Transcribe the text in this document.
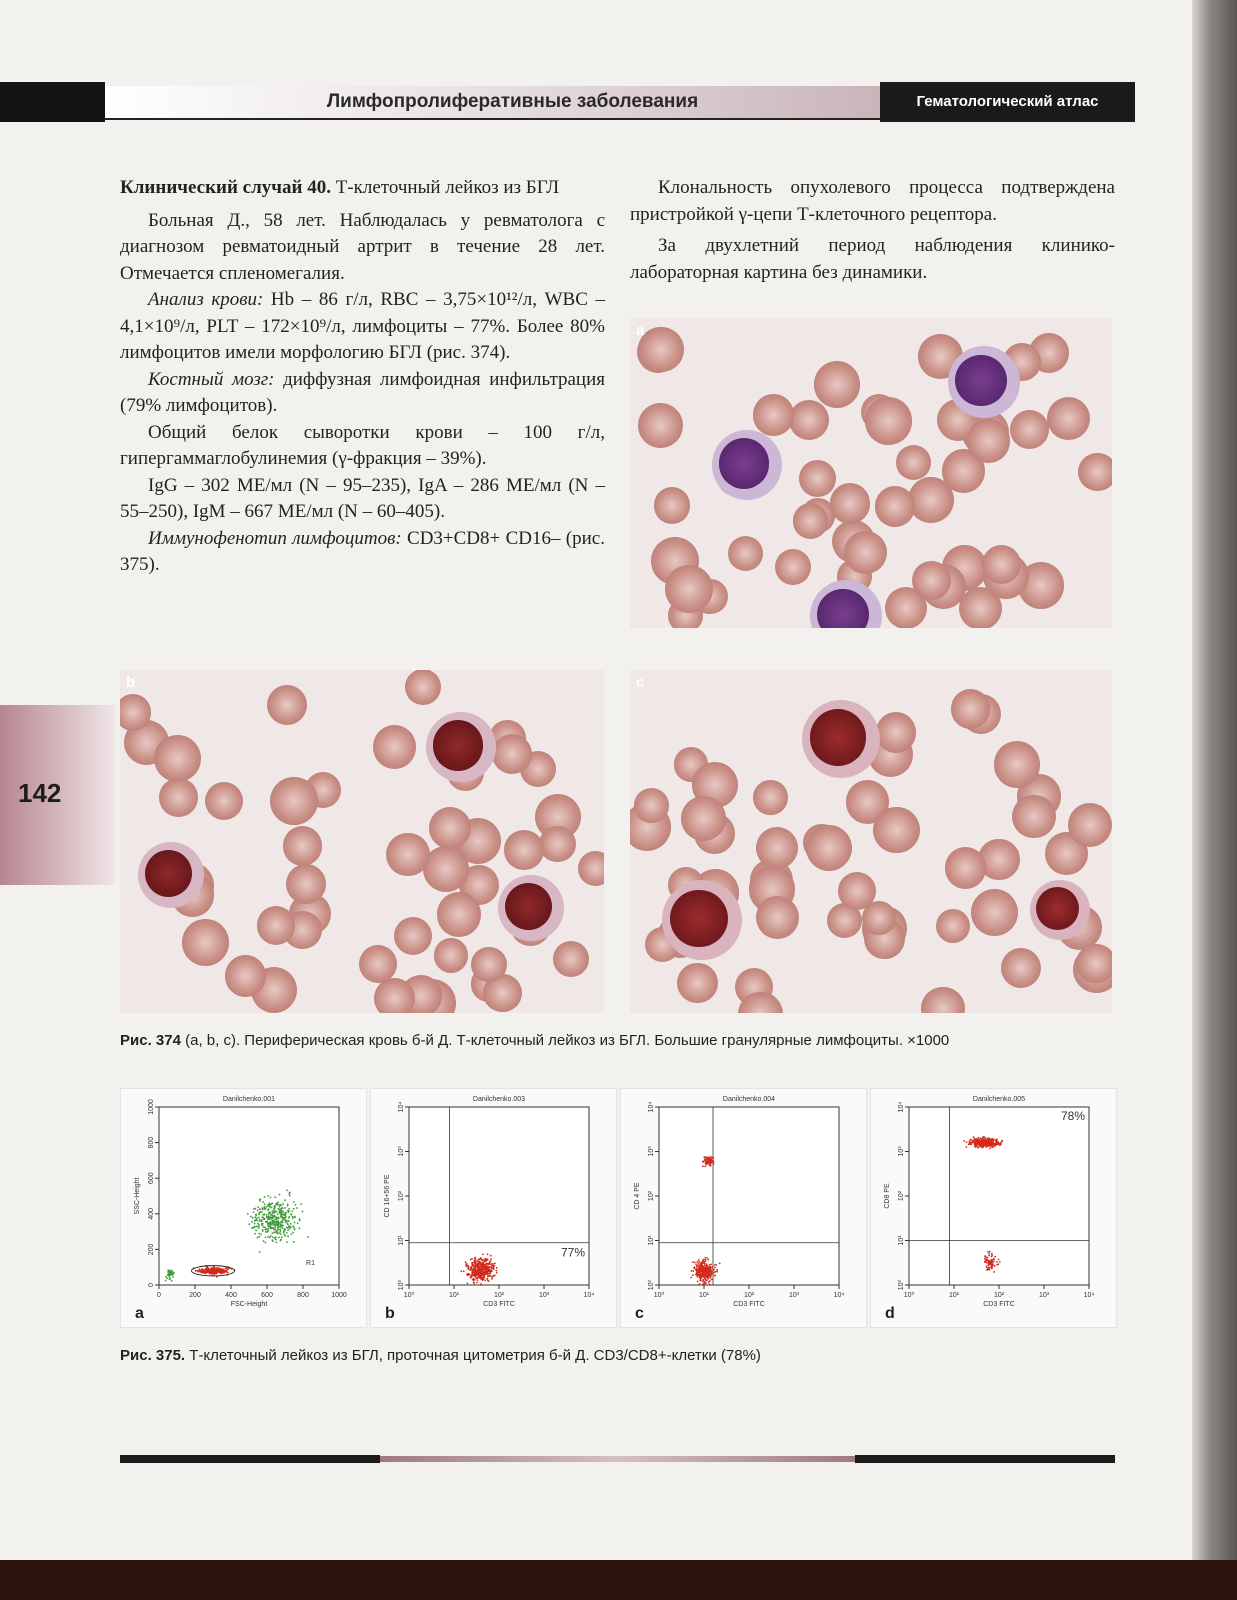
Лимфопролиферативные заболевания	Гематологический атлас
142

Клинический случай 40. Т-клеточный лейкоз из БГЛ

Больная Д., 58 лет. Наблюдалась у ревматолога с диагнозом ревматоидный артрит в течение 28 лет. Отмечается спленомегалия.

Анализ крови: Hb – 86 г/л, RBC – 3,75×10¹²/л, WBC – 4,1×10⁹/л, PLT – 172×10⁹/л, лимфоциты – 77%. Более 80% лимфоцитов имели морфологию БГЛ (рис. 374).

Костный мозг: диффузная лимфоидная инфильтрация (79% лимфоцитов).

Общий белок сыворотки крови – 100 г/л, гипергаммаглобулинемия (γ-фракция – 39%).

IgG – 302 МЕ/мл (N – 95–235), IgA – 286 МЕ/мл (N – 55–250), IgM – 667 МЕ/мл (N – 60–405).

Иммунофенотип лимфоцитов: CD3+CD8+ CD16– (рис. 375).

Клональность опухолевого процесса подтверждена пристройкой γ-цепи Т-клеточного рецептора.

За двухлетний период наблюдения клинико-лабораторная картина без динамики.

a
b	c
Рис. 374 (a, b, c). Периферическая кровь б-й Д. Т-клеточный лейкоз из БГЛ. Большие гранулярные лимфоциты. ×1000
Danilchenko.001
0	200	400	600	800	1000
0
200
400
600
800
1000
FSC-Height
SSC-Height
R1
a
Danilchenko.003
10⁰	10¹	10²	10³	10⁴
10⁰
10¹
10²
10³
10⁴
CD3 FITC
CD 16+56 PE
77%
b
Danilchenko.004
10⁰	10¹	10²	10³	10⁴
10⁰
10¹
10²
10³
10⁴
CD3 FITC
CD 4 PE
c
Danilchenko.005
10⁰	10¹	10²	10³	10⁴
10⁰
10¹
10²
10³
10⁴
CD3 FITC
CD8 PE
78%
d
Рис. 375. Т-клеточный лейкоз из БГЛ, проточная цитометрия б-й Д. CD3/CD8+-клетки (78%)
